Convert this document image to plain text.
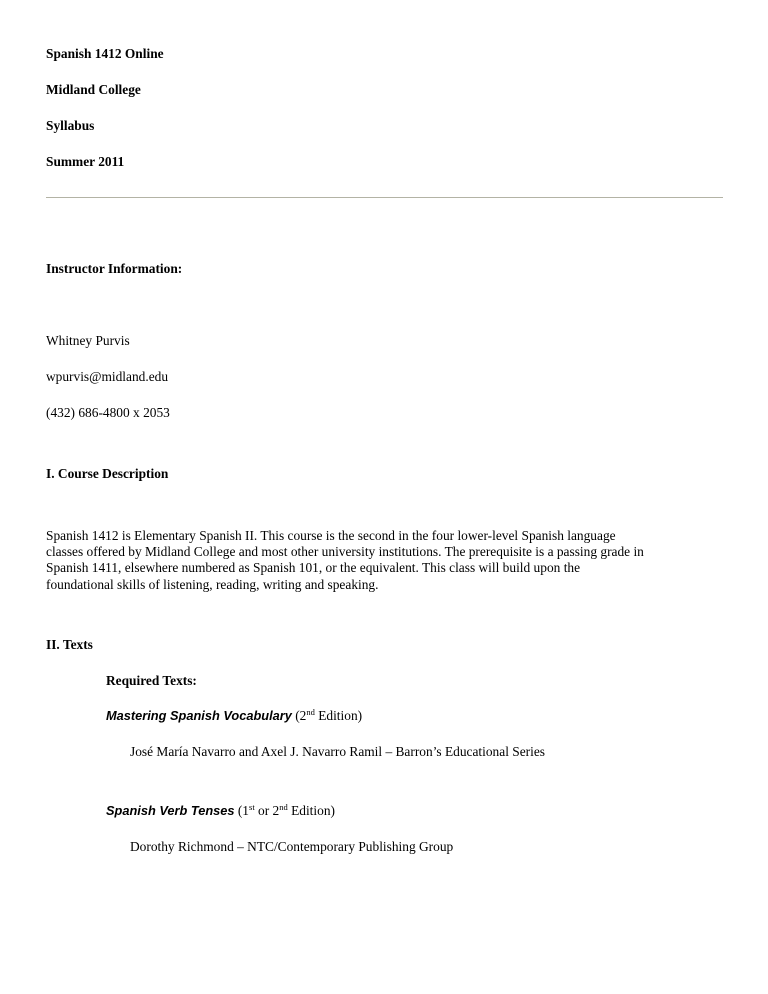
Spanish 1412 Online

Midland College

Syllabus

Summer 2011

Instructor Information:

Whitney Purvis

wpurvis@midland.edu

(432) 686-4800 x 2053

I. Course Description

Spanish 1412 is Elementary Spanish II. This course is the second in the four lower-level Spanish language
classes offered by Midland College and most other university institutions. The prerequisite is a passing grade in
Spanish 1411, elsewhere numbered as Spanish 101, or the equivalent. This class will build upon the
foundational skills of listening, reading, writing and speaking.

II. Texts

Required Texts:

Mastering Spanish Vocabulary (2nd Edition)

José María Navarro and Axel J. Navarro Ramil – Barron’s Educational Series

Spanish Verb Tenses (1st or 2nd Edition)

Dorothy Richmond – NTC/Contemporary Publishing Group
